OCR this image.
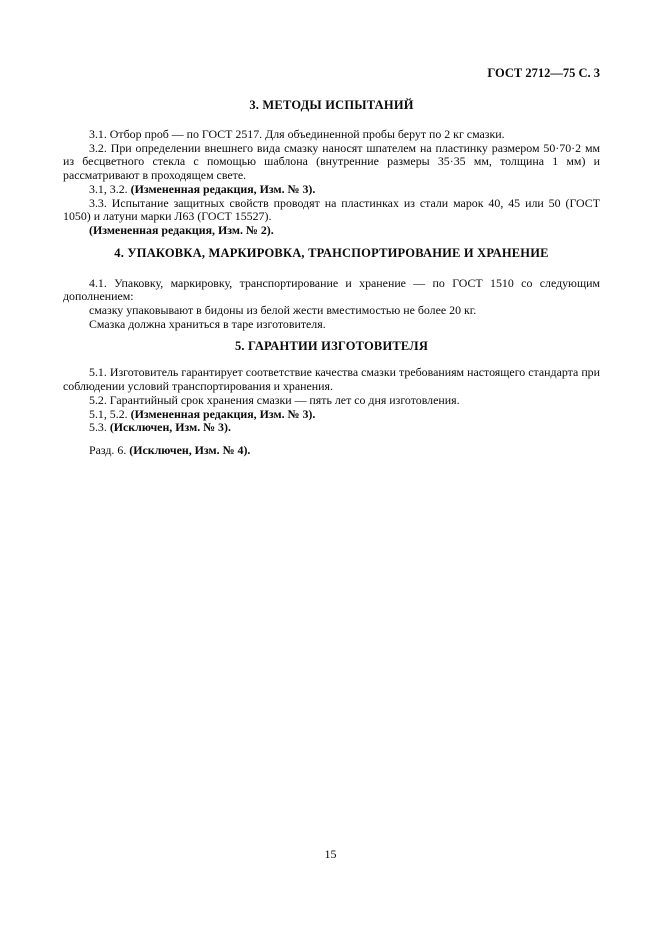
ГОСТ 2712—75 С. 3
3. МЕТОДЫ ИСПЫТАНИЙ

3.1. Отбор проб — по ГОСТ 2517. Для объединенной пробы берут по 2 кг смазки.

3.2. При определении внешнего вида смазку наносят шпателем на пластинку размером 50·70·2 мм из бесцветного стекла с помощью шаблона (внутренние размеры 35·35 мм, толщина 1 мм) и рассматривают в проходящем свете.

3.1, 3.2. (Измененная редакция, Изм. № 3).

3.3. Испытание защитных свойств проводят на пластинках из стали марок 40, 45 или 50 (ГОСТ 1050) и латуни марки Л63 (ГОСТ 15527).

(Измененная редакция, Изм. № 2).

4. УПАКОВКА, МАРКИРОВКА, ТРАНСПОРТИРОВАНИЕ И ХРАНЕНИЕ

4.1. Упаковку, маркировку, транспортирование и хранение — по ГОСТ 1510 со следующим дополнением:

смазку упаковывают в бидоны из белой жести вместимостью не более 20 кг.

Смазка должна храниться в таре изготовителя.

5. ГАРАНТИИ ИЗГОТОВИТЕЛЯ

5.1. Изготовитель гарантирует соответствие качества смазки требованиям настоящего стандарта при соблюдении условий транспортирования и хранения.

5.2. Гарантийный срок хранения смазки — пять лет со дня изготовления.

5.1, 5.2. (Измененная редакция, Изм. № 3).

5.3. (Исключен, Изм. № 3).

Разд. 6. (Исключен, Изм. № 4).

15
